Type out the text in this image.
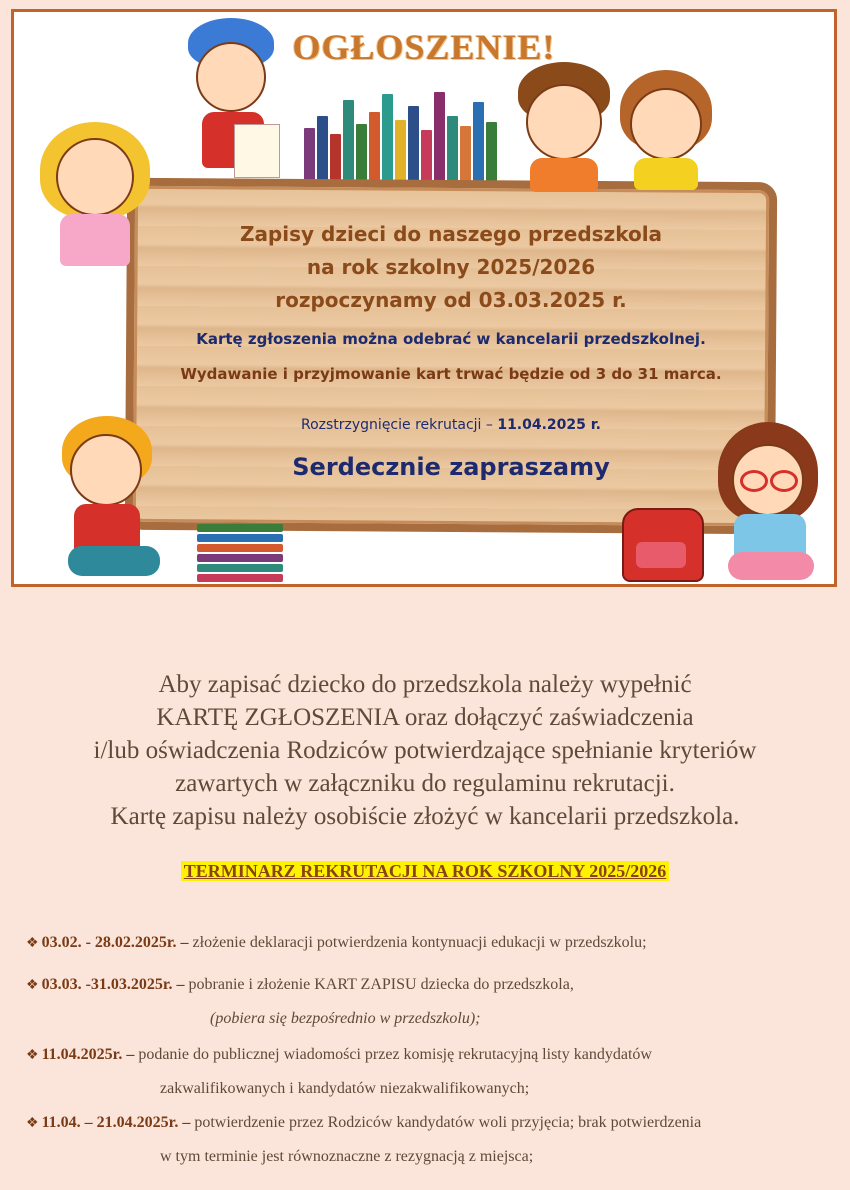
OGŁOSZENIE!
Zapisy dzieci do naszego przedszkola
na rok szkolny 2025/2026
rozpoczynamy od 03.03.2025 r.
Kartę zgłoszenia można odebrać w kancelarii przedszkolnej.
Wydawanie i przyjmowanie kart trwać będzie od 3 do 31 marca.
Rozstrzygnięcie rekrutacji – 11.04.2025 r.
Serdecznie zapraszamy
Aby zapisać dziecko do przedszkola należy wypełnić
KARTĘ ZGŁOSZENIA oraz dołączyć zaświadczenia
i/lub oświadczenia Rodziców potwierdzające spełnianie kryteriów
zawartych w załączniku do regulaminu rekrutacji.
Kartę zapisu należy osobiście złożyć w kancelarii przedszkola.
TERMINARZ REKRUTACJI NA ROK SZKOLNY 2025/2026
❖ 03.02. - 28.02.2025r. – złożenie deklaracji potwierdzenia kontynuacji edukacji w przedszkolu;
❖ 03.03. -31.03.2025r. – pobranie i złożenie KART ZAPISU dziecka do przedszkola,
(pobiera się bezpośrednio w przedszkolu);
❖ 11.04.2025r. – podanie do publicznej wiadomości przez komisję rekrutacyjną listy kandydatów
zakwalifikowanych i kandydatów niezakwalifikowanych;
❖ 11.04. – 21.04.2025r. – potwierdzenie przez Rodziców kandydatów woli przyjęcia; brak potwierdzenia
w tym terminie jest równoznaczne z rezygnacją z miejsca;
